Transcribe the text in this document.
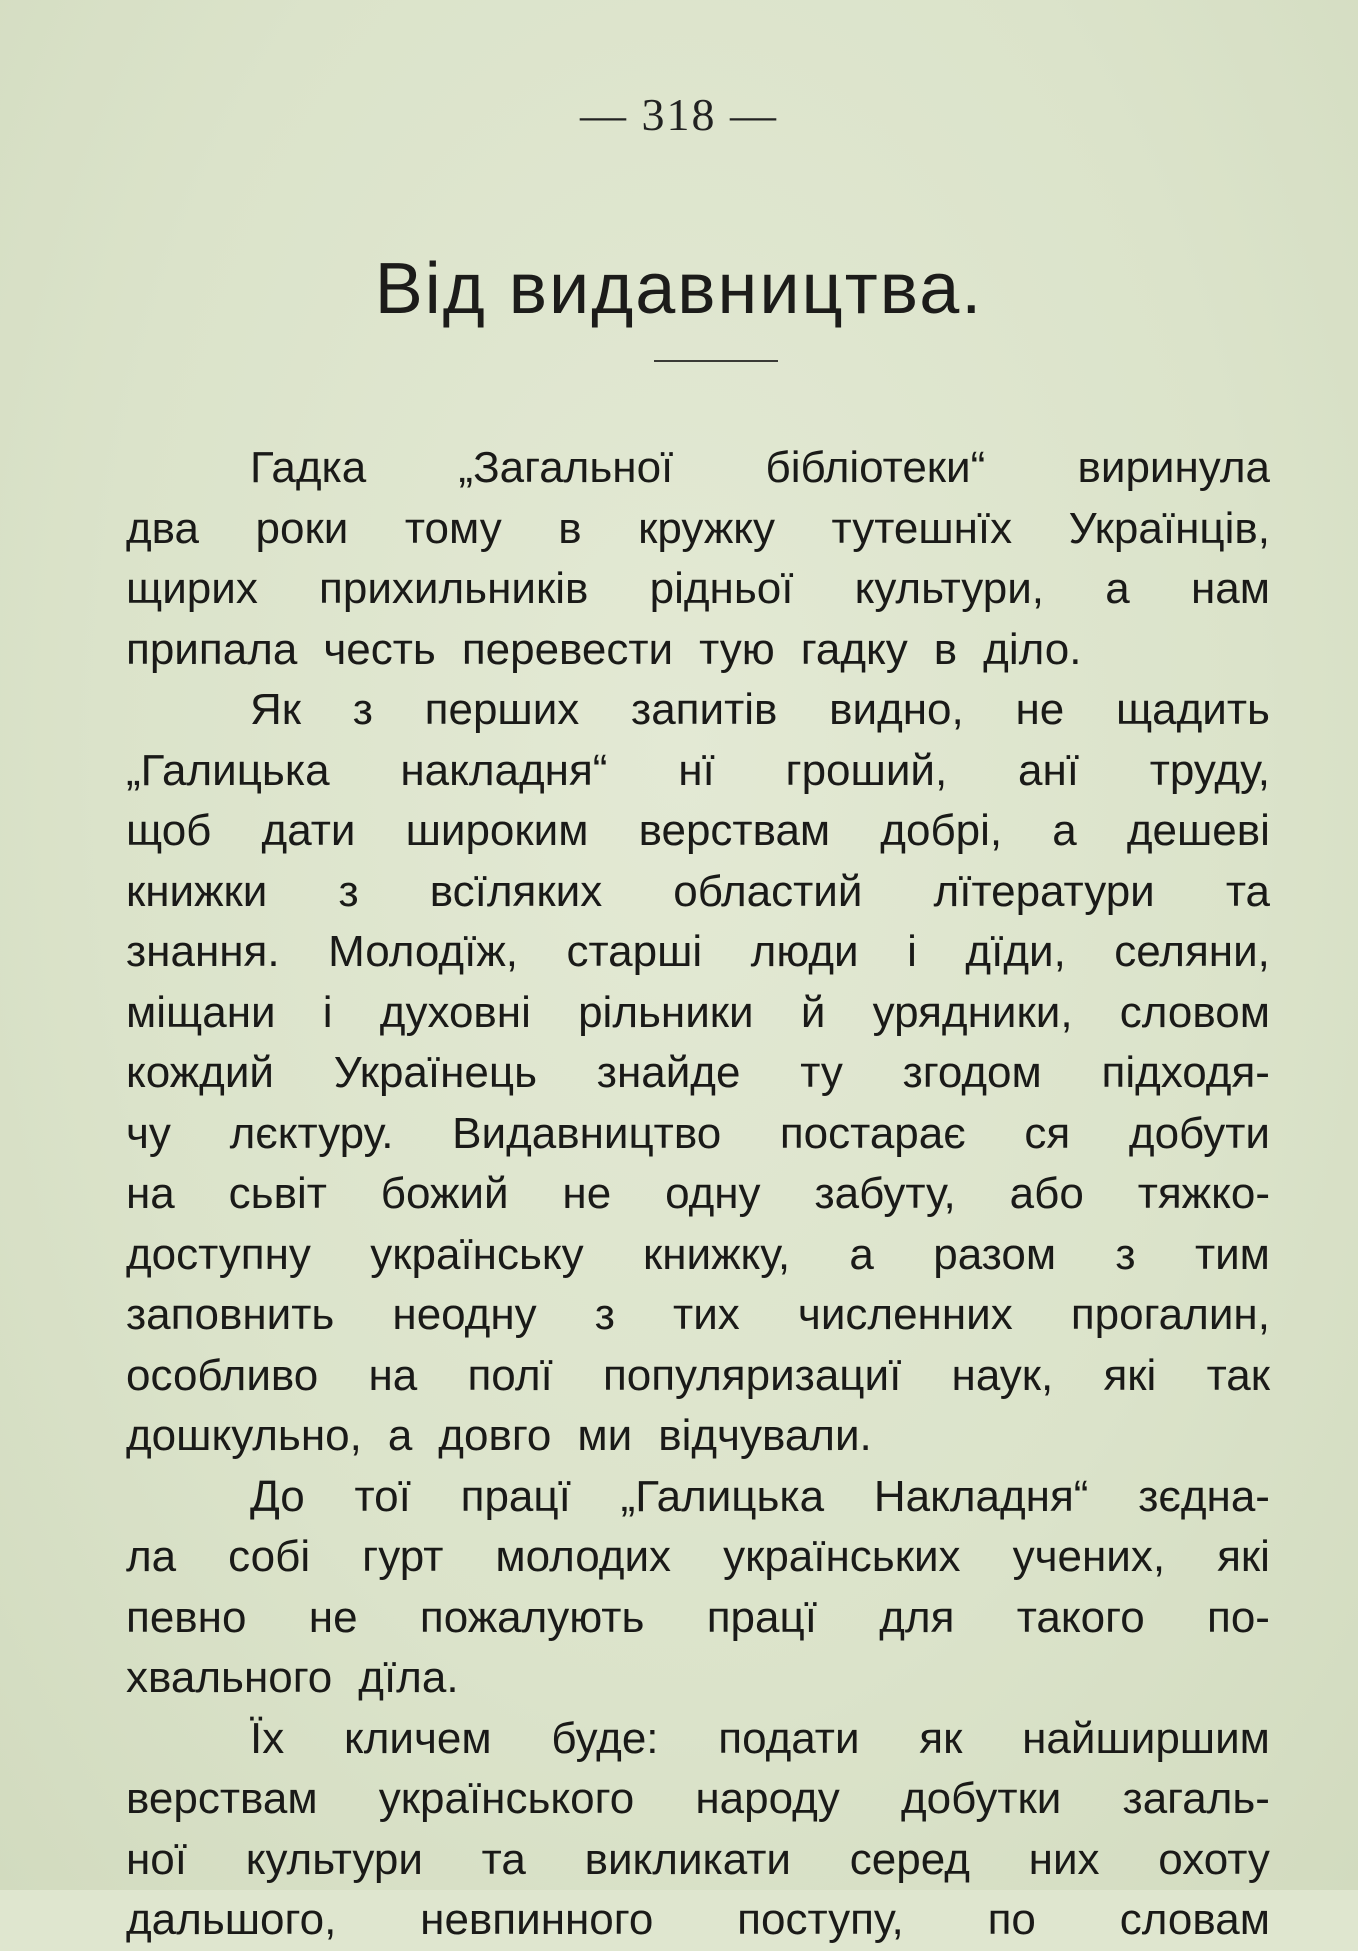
— 318 —
Від видавництва.
Гадка „Загальної бібліотеки“ виринула
два роки тому в кружку тутешнїх Українців,
щирих прихильників рідньої культури, а нам
припала честь перевести тую гадку в діло.
Як з перших запитів видно, не щадить
„Галицька накладня“ нї гроший, анї труду,
щоб дати широким верствам добрі, а дешеві
книжки з всїляких областий лїтератури та
знання. Молодїж, старші люди і дїди, селяни,
міщани і духовні рільники й урядники, словом
кождий Українець знайде ту згодом підходя-
чу лєктуру. Видавництво постарає ся добути
на сьвіт божий не одну забуту, або тяжко-
доступну українську книжку, а разом з тим
заповнить неодну з тих численних прогалин,
особливо на полї популяризациї наук, які так
дошкульно, а довго ми відчували.
До тої працї „Галицька Накладня“ зєдна-
ла собі гурт молодих українських учених, які
певно не пожалують працї для такого по-
хвального дїла.
Їх кличем буде: подати як найширшим
верствам українського народу добутки загаль-
ної культури та викликати серед них охоту
дальшого, невпинного поступу, по словам
